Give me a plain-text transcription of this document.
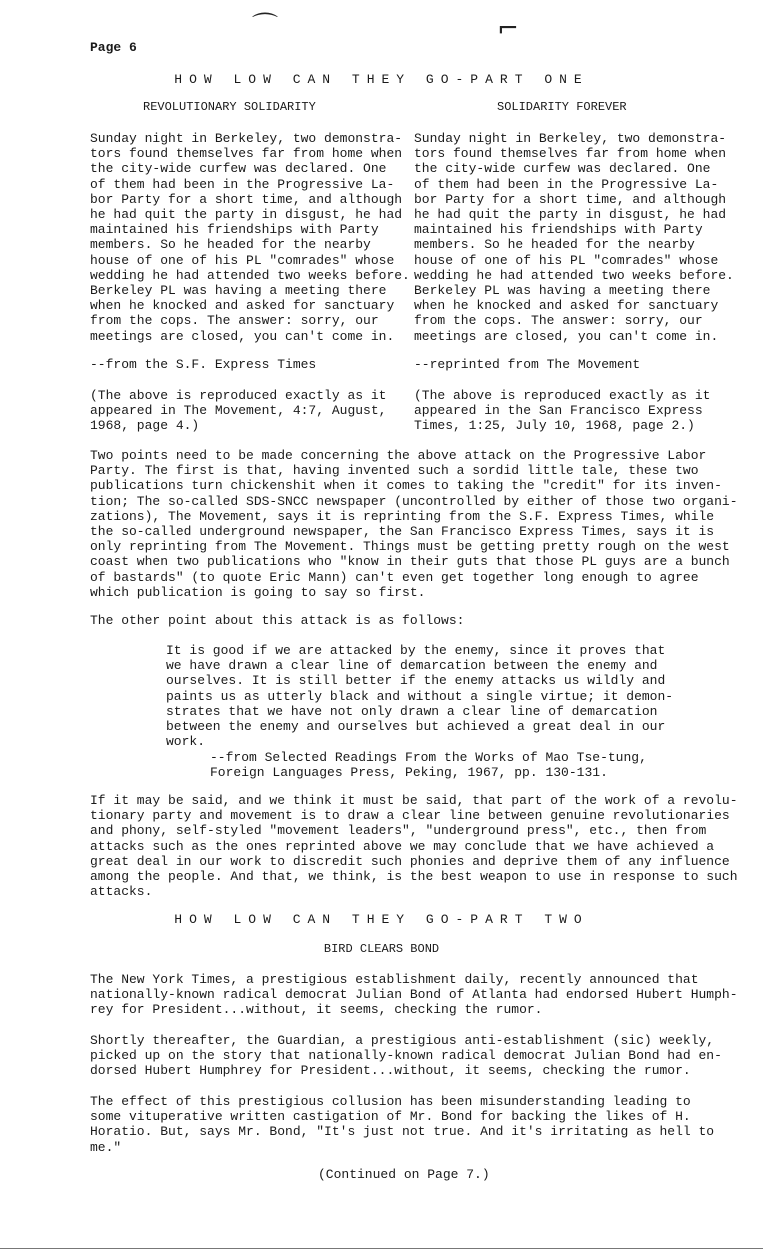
⌒	⌐
Page 6
HOW LOW CAN THEY GO-PART ONE
REVOLUTIONARY SOLIDARITY	SOLIDARITY FOREVER
Sunday night in Berkeley, two demonstra-
tors found themselves far from home when
the city-wide curfew was declared. One
of them had been in the Progressive La-
bor Party for a short time, and although
he had quit the party in disgust, he had
maintained his friendships with Party
members. So he headed for the nearby
house of one of his PL "comrades" whose
wedding he had attended two weeks before.
Berkeley PL was having a meeting there
when he knocked and asked for sanctuary
from the cops. The answer: sorry, our
meetings are closed, you can't come in.
Sunday night in Berkeley, two demonstra-
tors found themselves far from home when
the city-wide curfew was declared. One
of them had been in the Progressive La-
bor Party for a short time, and although
he had quit the party in disgust, he had
maintained his friendships with Party
members. So he headed for the nearby
house of one of his PL "comrades" whose
wedding he had attended two weeks before.
Berkeley PL was having a meeting there
when he knocked and asked for sanctuary
from the cops. The answer: sorry, our
meetings are closed, you can't come in.
--from the S.F. Express Times	--reprinted from The Movement
(The above is reproduced exactly as it
appeared in The Movement, 4:7, August,
1968, page 4.)
(The above is reproduced exactly as it
appeared in the San Francisco Express
Times, 1:25, July 10, 1968, page 2.)
Two points need to be made concerning the above attack on the Progressive Labor
Party. The first is that, having invented such a sordid little tale, these two
publications turn chickenshit when it comes to taking the "credit" for its inven-
tion; The so-called SDS-SNCC newspaper (uncontrolled by either of those two organi-
zations), The Movement, says it is reprinting from the S.F. Express Times, while
the so-called underground newspaper, the San Francisco Express Times, says it is
only reprinting from The Movement. Things must be getting pretty rough on the west
coast when two publications who "know in their guts that those PL guys are a bunch
of bastards" (to quote Eric Mann) can't even get together long enough to agree
which publication is going to say so first.
The other point about this attack is as follows:
It is good if we are attacked by the enemy, since it proves that
we have drawn a clear line of demarcation between the enemy and
ourselves. It is still better if the enemy attacks us wildly and
paints us as utterly black and without a single virtue; it demon-
strates that we have not only drawn a clear line of demarcation
between the enemy and ourselves but achieved a great deal in our
work.
--from Selected Readings From the Works of Mao Tse-tung,
Foreign Languages Press, Peking, 1967, pp. 130-131.
If it may be said, and we think it must be said, that part of the work of a revolu-
tionary party and movement is to draw a clear line between genuine revolutionaries
and phony, self-styled "movement leaders", "underground press", etc., then from
attacks such as the ones reprinted above we may conclude that we have achieved a
great deal in our work to discredit such phonies and deprive them of any influence
among the people. And that, we think, is the best weapon to use in response to such
attacks.
HOW LOW CAN THEY GO-PART TWO
BIRD CLEARS BOND
The New York Times, a prestigious establishment daily, recently announced that
nationally-known radical democrat Julian Bond of Atlanta had endorsed Hubert Humph-
rey for President...without, it seems, checking the rumor.
Shortly thereafter, the Guardian, a prestigious anti-establishment (sic) weekly,
picked up on the story that nationally-known radical democrat Julian Bond had en-
dorsed Hubert Humphrey for President...without, it seems, checking the rumor.
The effect of this prestigious collusion has been misunderstanding leading to
some vituperative written castigation of Mr. Bond for backing the likes of H.
Horatio. But, says Mr. Bond, "It's just not true. And it's irritating as hell to
me."
(Continued on Page 7.)
